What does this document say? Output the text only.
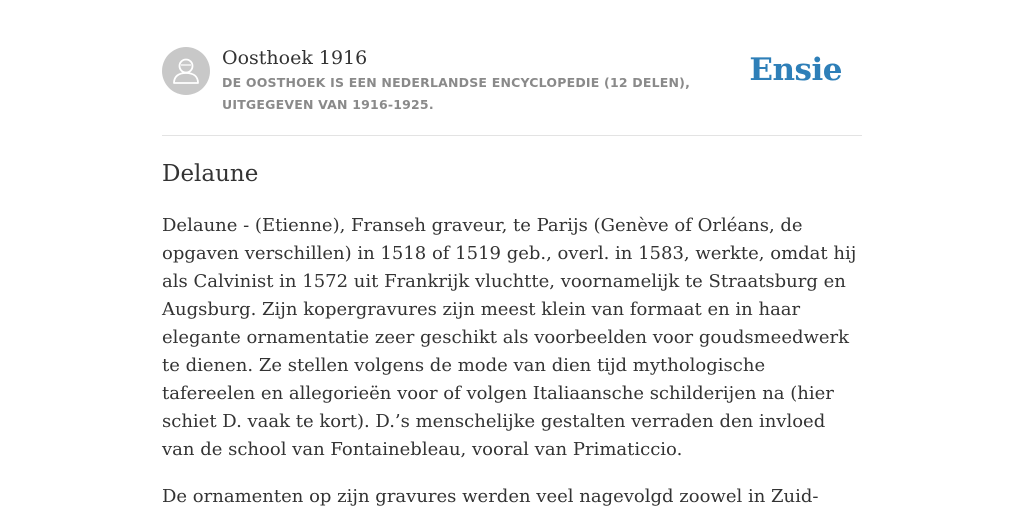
Oosthoek 1916
DE OOSTHOEK IS EEN NEDERLANDSE ENCYCLOPEDIE (12 DELEN), UITGEGEVEN VAN 1916-1925.
Ensie
Delaune

Delaune - (Etienne), Franseh graveur, te Parijs (Genève of Orléans, de opgaven verschillen) in 1518 of 1519 geb., overl. in 1583, werkte, omdat hij als Calvinist in 1572 uit Frankrijk vluchtte, voornamelijk te Straatsburg en Augsburg. Zijn kopergravures zijn meest klein van formaat en in haar elegante ornamentatie zeer geschikt als voorbeelden voor goudsmeedwerk te dienen. Ze stellen volgens de mode van dien tijd mythologische tafereelen en allegorieën voor of volgen Italiaansche schilderijen na (hier schiet D. vaak te kort). D.’s menschelijke gestalten verraden den invloed van de school van Fontainebleau, vooral van Primaticcio.

De ornamenten op zijn gravures werden veel nagevolgd zoowel in Zuid-
